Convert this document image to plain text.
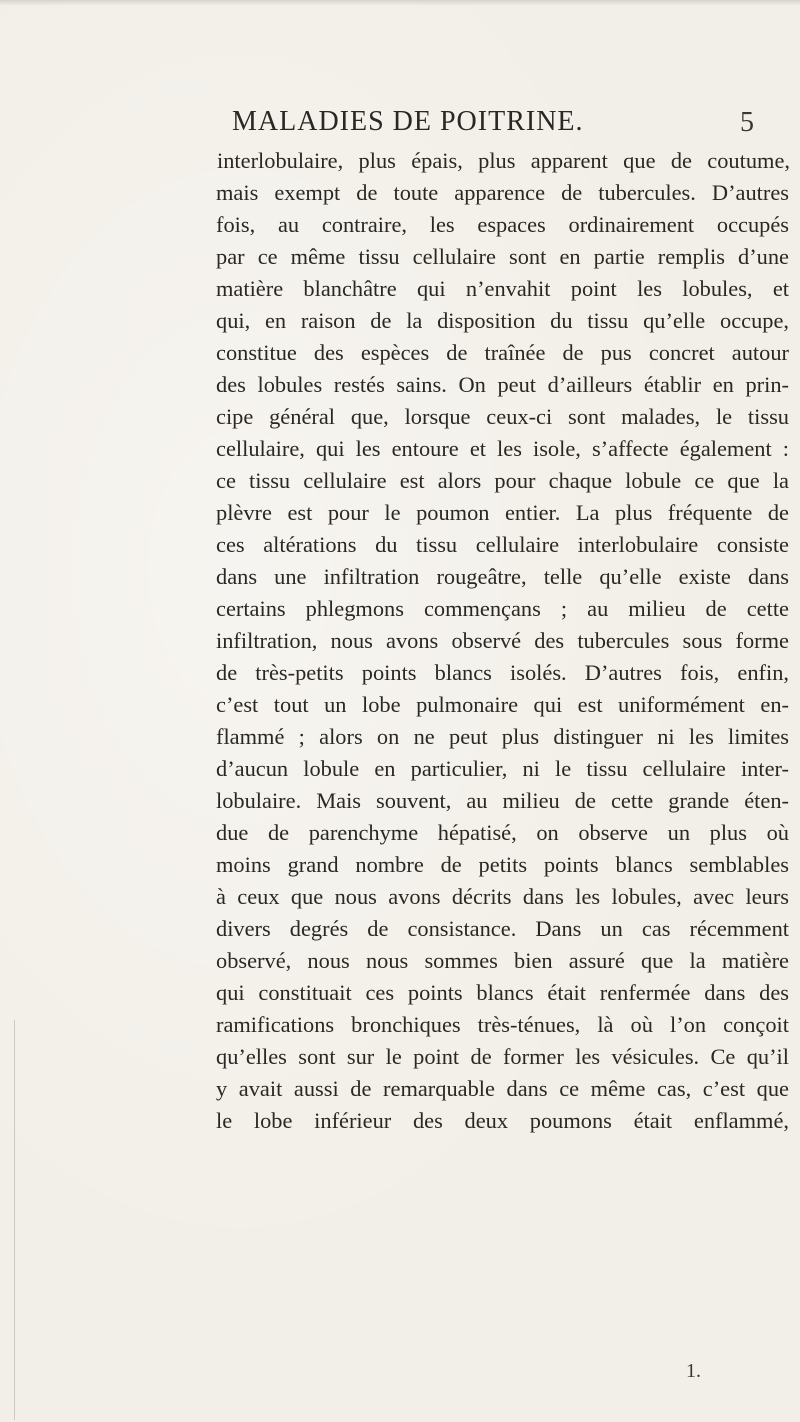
MALADIES DE POITRINE.	5
interlobulaire, plus épais, plus apparent que de coutume,
mais exempt de toute apparence de tubercules. D’autres
fois, au contraire, les espaces ordinairement occupés
par ce même tissu cellulaire sont en partie remplis d’une
matière blanchâtre qui n’envahit point les lobules, et
qui, en raison de la disposition du tissu qu’elle occupe,
constitue des espèces de traînée de pus concret autour
des lobules restés sains. On peut d’ailleurs établir en prin-
cipe général que, lorsque ceux-ci sont malades, le tissu
cellulaire, qui les entoure et les isole, s’affecte également :
ce tissu cellulaire est alors pour chaque lobule ce que la
plèvre est pour le poumon entier. La plus fréquente de
ces altérations du tissu cellulaire interlobulaire consiste
dans une infiltration rougeâtre, telle qu’elle existe dans
certains phlegmons commençans ; au milieu de cette
infiltration, nous avons observé des tubercules sous forme
de très-petits points blancs isolés. D’autres fois, enfin,
c’est tout un lobe pulmonaire qui est uniformément en-
flammé ; alors on ne peut plus distinguer ni les limites
d’aucun lobule en particulier, ni le tissu cellulaire inter-
lobulaire. Mais souvent, au milieu de cette grande éten-
due de parenchyme hépatisé, on observe un plus où
moins grand nombre de petits points blancs semblables
à ceux que nous avons décrits dans les lobules, avec leurs
divers degrés de consistance. Dans un cas récemment
observé, nous nous sommes bien assuré que la matière
qui constituait ces points blancs était renfermée dans des
ramifications bronchiques très-ténues, là où l’on conçoit
qu’elles sont sur le point de former les vésicules. Ce qu’il
y avait aussi de remarquable dans ce même cas, c’est que
le lobe inférieur des deux poumons était enflammé,
1.
